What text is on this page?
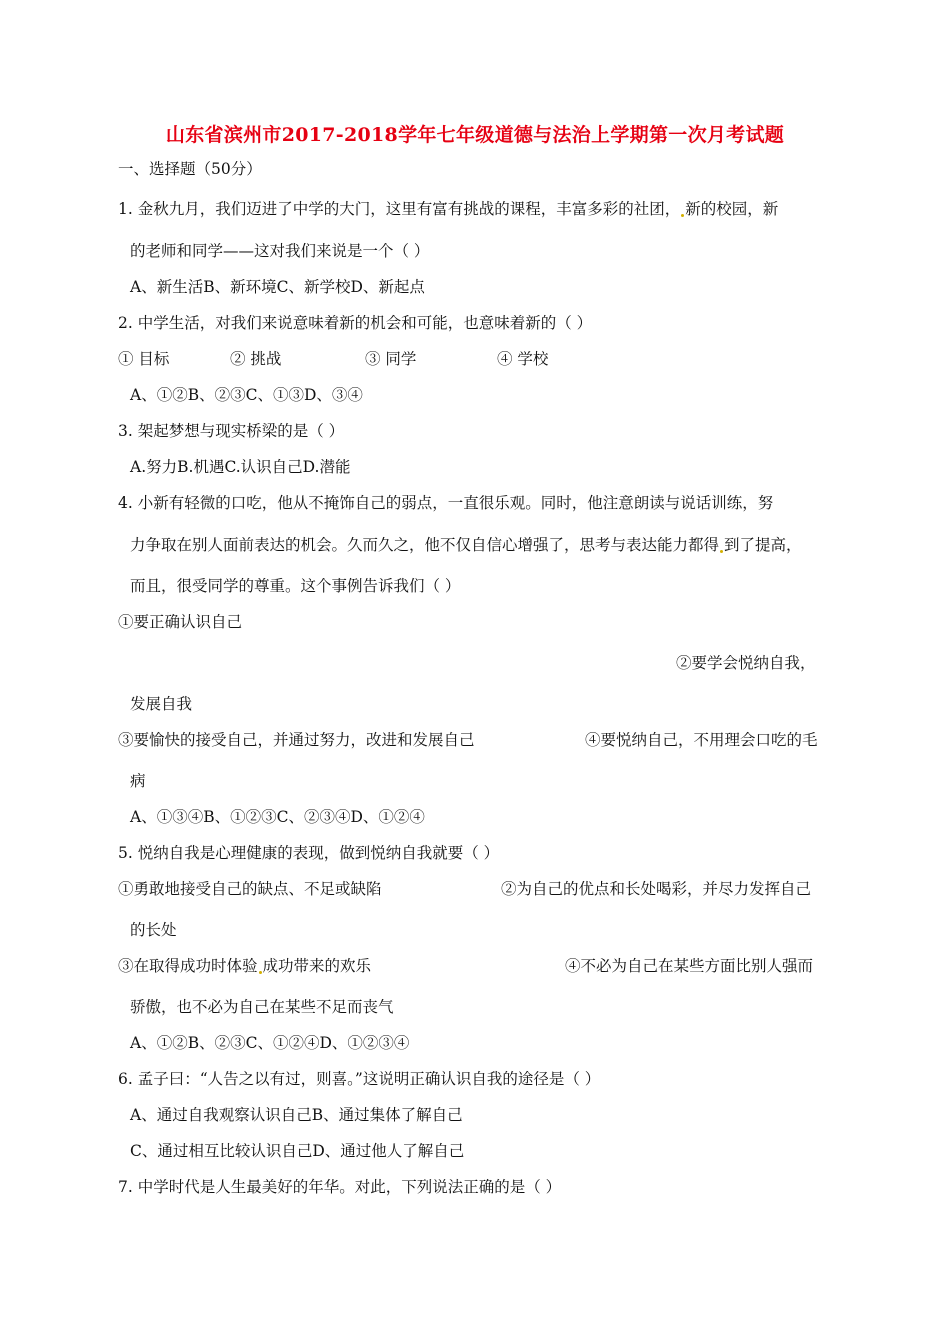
山东省滨州市2017-2018学年七年级道德与法治上学期第一次月考试题
一、选择题（50分）
1. 金秋九月，我们迈进了中学的大门，这里有富有挑战的课程，丰富多彩的社团， 新的校园，新
的老师和同学——这对我们来说是一个（ ）
A、新生活B、新环境C、新学校D、新起点
2. 中学生活，对我们来说意味着新的机会和可能，也意味着新的（ ）
① 目标	② 挑战	③ 同学	④ 学校
A、①②B、②③C、①③D、③④
3. 架起梦想与现实桥梁的是（ ）
A.努力B.机遇C.认识自己D.潜能
4. 小新有轻微的口吃，他从不掩饰自己的弱点，一直很乐观。同时，他注意朗读与说话训练，努
力争取在别人面前表达的机会。久而久之，他不仅自信心增强了，思考与表达能力都得 到了提高，
而且，很受同学的尊重。这个事例告诉我们（ ）
①要正确认识自己
②要学会悦纳自我，
发展自我
③要愉快的接受自己，并通过努力，改进和发展自己	④要悦纳自己，不用理会口吃的毛
病
A、①③④B、①②③C、②③④D、①②④
5. 悦纳自我是心理健康的表现，做到悦纳自我就要（ ）
①勇敢地接受自己的缺点、不足或缺陷	②为自己的优点和长处喝彩，并尽力发挥自己
的长处
③在取得成功时体验 成功带来的欢乐	④不必为自己在某些方面比别人强而
骄傲，也不必为自己在某些不足而丧气
A、①②B、②③C、①②④D、①②③④
6. 孟子曰：“人告之以有过，则喜。”这说明正确认识自我的途径是（ ）
A、通过自我观察认识自己B、通过集体了解自己
C、通过相互比较认识自己D、通过他人了解自己
7. 中学时代是人生最美好的年华。对此，下列说法正确的是（ ）
